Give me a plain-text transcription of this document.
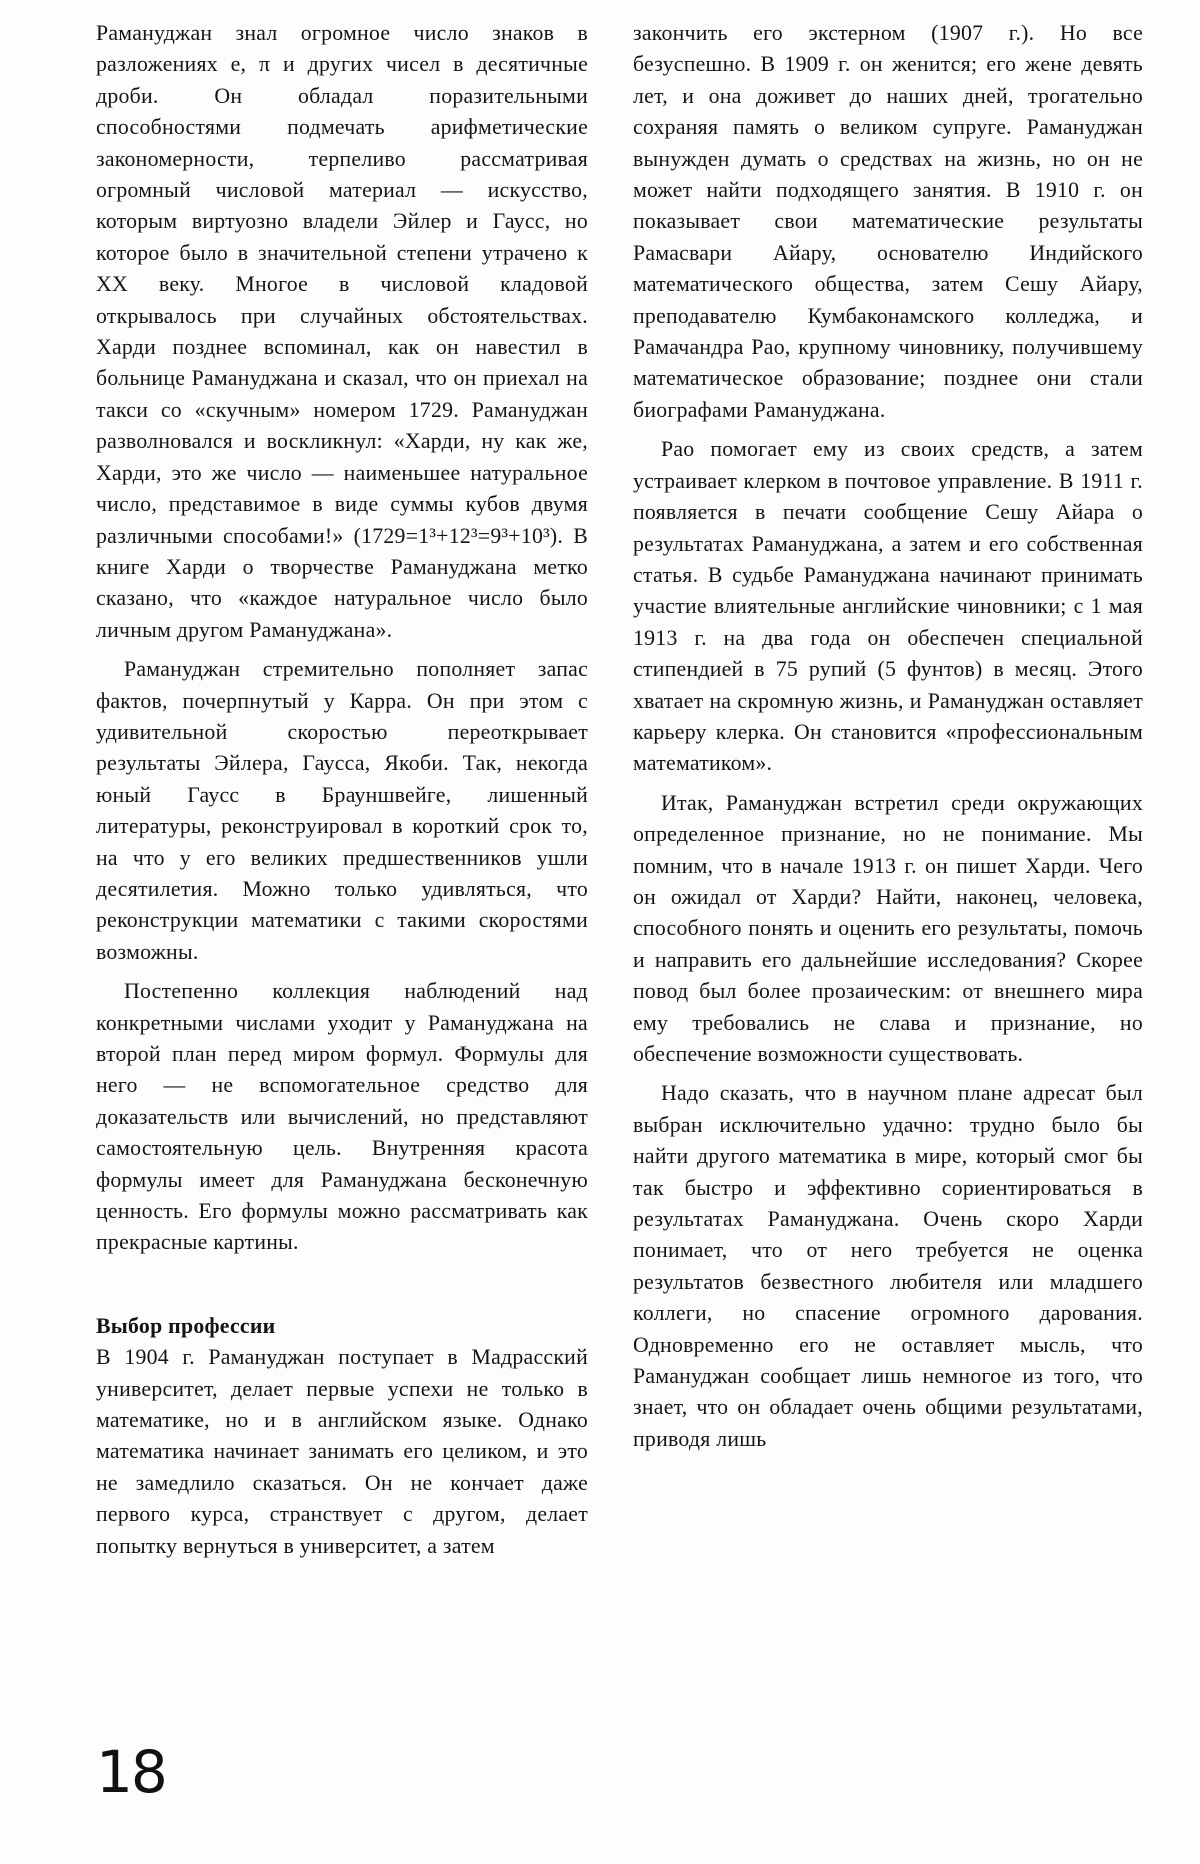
Рамануджан знал огромное число знаков в разложениях e, π и других чисел в десятичные дроби. Он обладал поразительными способностями подмечать арифметические закономерности, терпеливо рассматривая огромный числовой материал — искусство, которым виртуозно владели Эйлер и Гаусс, но которое было в значительной степени утрачено к XX веку. Многое в числовой кладовой открывалось при случайных обстоятельствах. Харди позднее вспоминал, как он навестил в больнице Рамануджана и сказал, что он приехал на такси со «скучным» номером 1729. Рамануджан разволновался и воскликнул: «Харди, ну как же, Харди, это же число — наименьшее натуральное число, представимое в виде суммы кубов двумя различными способами!» (1729=1³+12³=9³+10³). В книге Харди о творчестве Рамануджана метко сказано, что «каждое натуральное число было личным другом Рамануджана».

Рамануджан стремительно пополняет запас фактов, почерпнутый у Карра. Он при этом с удивительной скоростью переоткрывает результаты Эйлера, Гаусса, Якоби. Так, некогда юный Гаусс в Брауншвейге, лишенный литературы, реконструировал в короткий срок то, на что у его великих предшественников ушли десятилетия. Можно только удивляться, что реконструкции математики с такими скоростями возможны.

Постепенно коллекция наблюдений над конкретными числами уходит у Рамануджана на второй план перед миром формул. Формулы для него — не вспомогательное средство для доказательств или вычислений, но представляют самостоятельную цель. Внутренняя красота формулы имеет для Рамануджана бесконечную ценность. Его формулы можно рассматривать как прекрасные картины.

Выбор профессии

В 1904 г. Рамануджан поступает в Мадрасский университет, делает первые успехи не только в математике, но и в английском языке. Однако математика начинает занимать его целиком, и это не замедлило сказаться. Он не кончает даже первого курса, странствует с другом, делает попытку вернуться в университет, а затем

закончить его экстерном (1907 г.). Но все безуспешно. В 1909 г. он женится; его жене девять лет, и она доживет до наших дней, трогательно сохраняя память о великом супруге. Рамануджан вынужден думать о средствах на жизнь, но он не может найти подходящего занятия. В 1910 г. он показывает свои математические результаты Рамасвари Айару, основателю Индийского математического общества, затем Сешу Айару, преподавателю Кумбаконамского колледжа, и Рамачандра Рао, крупному чиновнику, получившему математическое образование; позднее они стали биографами Рамануджана.

Рао помогает ему из своих средств, а затем устраивает клерком в почтовое управление. В 1911 г. появляется в печати сообщение Сешу Айара о результатах Рамануджана, а затем и его собственная статья. В судьбе Рамануджана начинают принимать участие влиятельные английские чиновники; с 1 мая 1913 г. на два года он обеспечен специальной стипендией в 75 рупий (5 фунтов) в месяц. Этого хватает на скромную жизнь, и Рамануджан оставляет карьеру клерка. Он становится «профессиональным математиком».

Итак, Рамануджан встретил среди окружающих определенное признание, но не понимание. Мы помним, что в начале 1913 г. он пишет Харди. Чего он ожидал от Харди? Найти, наконец, человека, способного понять и оценить его результаты, помочь и направить его дальнейшие исследования? Скорее повод был более прозаическим: от внешнего мира ему требовались не слава и признание, но обеспечение возможности существовать.

Надо сказать, что в научном плане адресат был выбран исключительно удачно: трудно было бы найти другого математика в мире, который смог бы так быстро и эффективно сориентироваться в результатах Рамануджана. Очень скоро Харди понимает, что от него требуется не оценка результатов безвестного любителя или младшего коллеги, но спасение огромного дарования. Одновременно его не оставляет мысль, что Рамануджан сообщает лишь немногое из того, что знает, что он обладает очень общими результатами, приводя лишь

18
